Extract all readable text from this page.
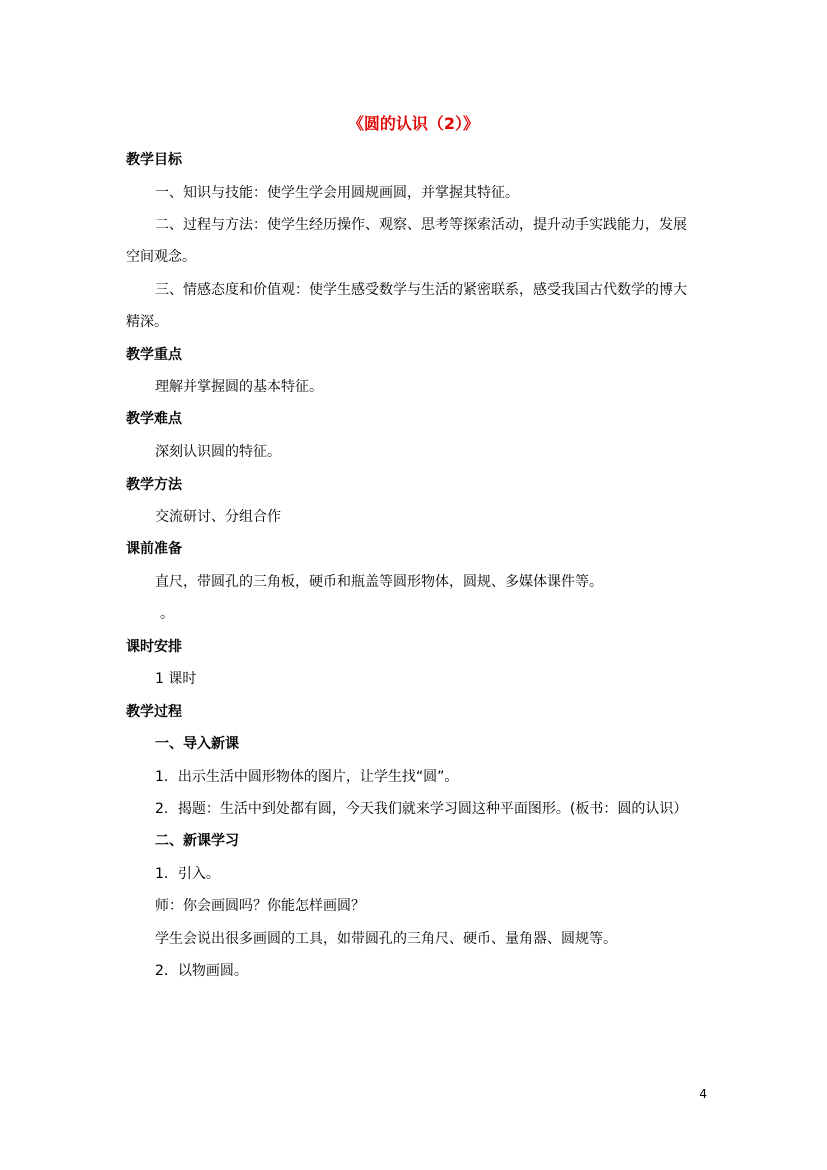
《圆的认识（2）》
教学目标
一、知识与技能：使学生学会用圆规画圆，并掌握其特征。
二、过程与方法：使学生经历操作、观察、思考等探索活动，提升动手实践能力，发展
空间观念。
三、情感态度和价值观：使学生感受数学与生活的紧密联系，感受我国古代数学的博大
精深。
教学重点
理解并掌握圆的基本特征。
教学难点
深刻认识圆的特征。
教学方法
交流研讨、分组合作
课前准备
直尺，带圆孔的三角板，硬币和瓶盖等圆形物体，圆规、多媒体课件等。
。
课时安排
1 课时
教学过程
一、导入新课
1．出示生活中圆形物体的图片，让学生找“圆”。
2．揭题：生活中到处都有圆，今天我们就来学习圆这种平面图形。(板书：圆的认识）
二、新课学习
1．引入。
师：你会画圆吗？你能怎样画圆？
学生会说出很多画圆的工具，如带圆孔的三角尺、硬币、量角器、圆规等。
2．以物画圆。
4
